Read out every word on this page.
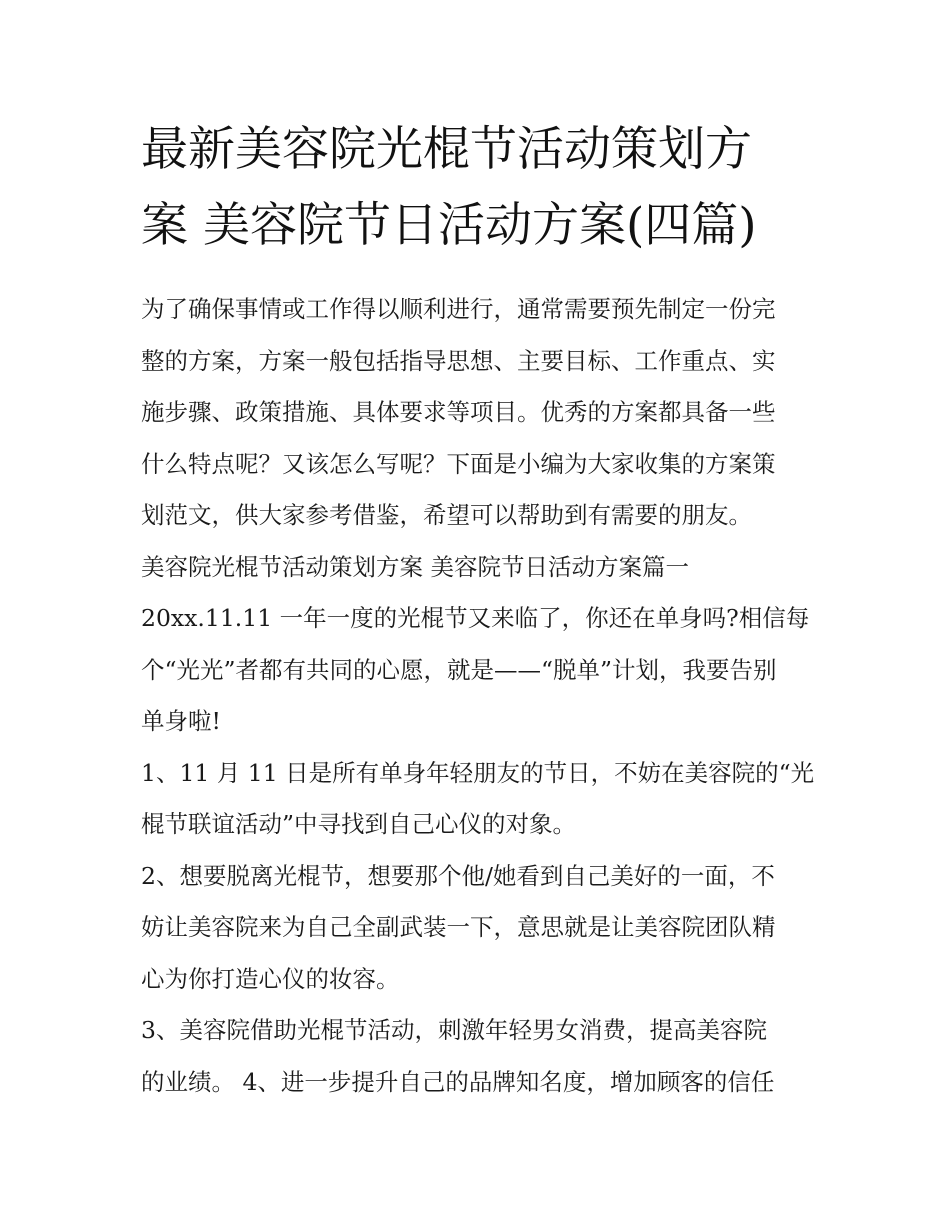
最新美容院光棍节活动策划方
案 美容院节日活动方案(四篇)

为了确保事情或工作得以顺利进行，通常需要预先制定一份完
整的方案，方案一般包括指导思想、主要目标、工作重点、实
施步骤、政策措施、具体要求等项目。优秀的方案都具备一些
什么特点呢？又该怎么写呢？下面是小编为大家收集的方案策
划范文，供大家参考借鉴，希望可以帮助到有需要的朋友。

美容院光棍节活动策划方案 美容院节日活动方案篇一

20xx.11.11 一年一度的光棍节又来临了，你还在单身吗?相信每
个“光光”者都有共同的心愿，就是——“脱单”计划，我要告别
单身啦!

1、11 月 11 日是所有单身年轻朋友的节日，不妨在美容院的“光
棍节联谊活动”中寻找到自己心仪的对象。

2、想要脱离光棍节，想要那个他/她看到自己美好的一面，不
妨让美容院来为自己全副武装一下，意思就是让美容院团队精
心为你打造心仪的妆容。

3、美容院借助光棍节活动，刺激年轻男女消费，提高美容院
的业绩。 4、进一步提升自己的品牌知名度，增加顾客的信任
